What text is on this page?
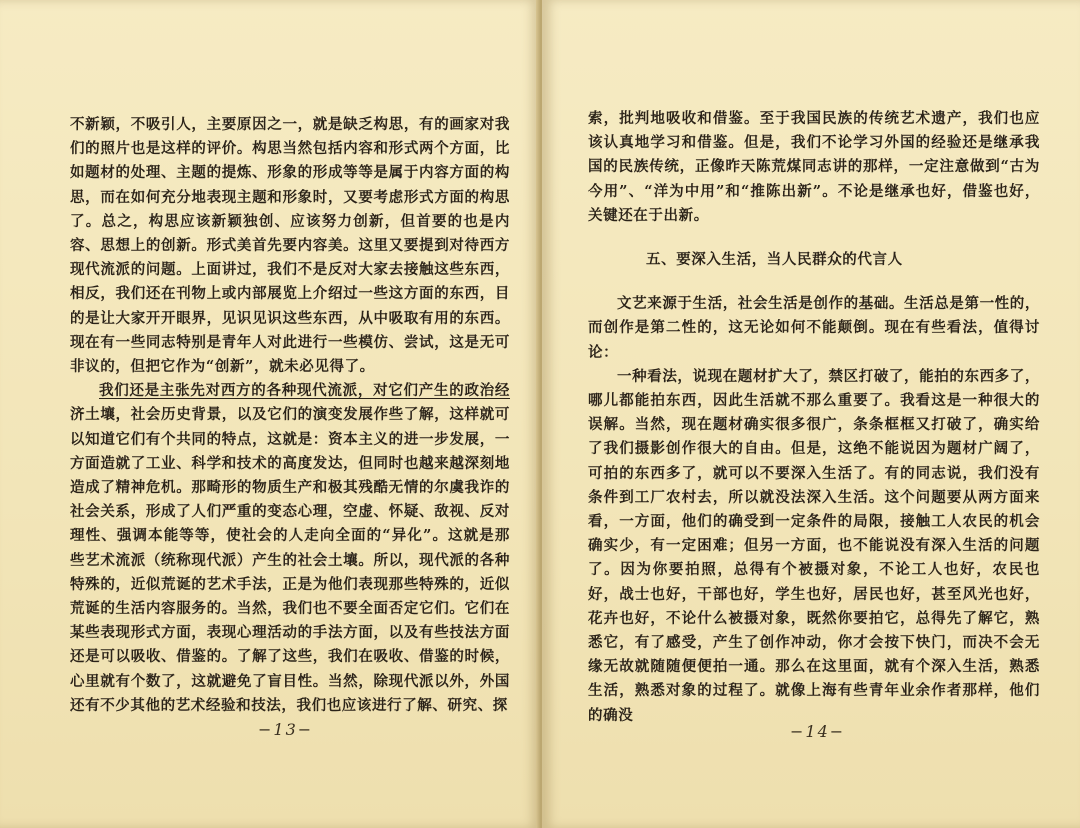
不新颖，不吸引人，主要原因之一，就是缺乏构思，有的画家对我们的照片也是这样的评价。构思当然包括内容和形式两个方面，比如题材的处理、主题的提炼、形象的形成等等是属于内容方面的构思，而在如何充分地表现主题和形象时，又要考虑形式方面的构思了。总之，构思应该新颖独创、应该努力创新，但首要的也是内容、思想上的创新。形式美首先要内容美。这里又要提到对待西方现代流派的问题。上面讲过，我们不是反对大家去接触这些东西，相反，我们还在刊物上或内部展览上介绍过一些这方面的东西，目的是让大家开开眼界，见识见识这些东西，从中吸取有用的东西。现在有一些同志特别是青年人对此进行一些模仿、尝试，这是无可非议的，但把它作为“创新”，就未必见得了。

我们还是主张先对西方的各种现代流派，对它们产生的政治经济土壤，社会历史背景，以及它们的演变发展作些了解，这样就可以知道它们有个共同的特点，这就是：资本主义的进一步发展，一方面造就了工业、科学和技术的高度发达，但同时也越来越深刻地造成了精神危机。那畸形的物质生产和极其残酷无情的尔虞我诈的社会关系，形成了人们严重的变态心理，空虚、怀疑、敌视、反对理性、强调本能等等，使社会的人走向全面的“异化”。这就是那些艺术流派（统称现代派）产生的社会土壤。所以，现代派的各种特殊的，近似荒诞的艺术手法，正是为他们表现那些特殊的，近似荒诞的生活内容服务的。当然，我们也不要全面否定它们。它们在某些表现形式方面，表现心理活动的手法方面，以及有些技法方面还是可以吸收、借鉴的。了解了这些，我们在吸收、借鉴的时候，心里就有个数了，这就避免了盲目性。当然，除现代派以外，外国还有不少其他的艺术经验和技法，我们也应该进行了解、研究、探

−13−

索，批判地吸收和借鉴。至于我国民族的传统艺术遗产，我们也应该认真地学习和借鉴。但是，我们不论学习外国的经验还是继承我国的民族传统，正像昨天陈荒煤同志讲的那样，一定注意做到“古为今用”、“洋为中用”和“推陈出新”。不论是继承也好，借鉴也好，关键还在于出新。

五、要深入生活，当人民群众的代言人

文艺来源于生活，社会生活是创作的基础。生活总是第一性的，而创作是第二性的，这无论如何不能颠倒。现在有些看法，值得讨论：

一种看法，说现在题材扩大了，禁区打破了，能拍的东西多了，哪儿都能拍东西，因此生活就不那么重要了。我看这是一种很大的误解。当然，现在题材确实很多很广，条条框框又打破了，确实给了我们摄影创作很大的自由。但是，这绝不能说因为题材广阔了，可拍的东西多了，就可以不要深入生活了。有的同志说，我们没有条件到工厂农村去，所以就没法深入生活。这个问题要从两方面来看，一方面，他们的确受到一定条件的局限，接触工人农民的机会确实少，有一定困难；但另一方面，也不能说没有深入生活的问题了。因为你要拍照，总得有个被摄对象，不论工人也好，农民也好，战士也好，干部也好，学生也好，居民也好，甚至风光也好，花卉也好，不论什么被摄对象，既然你要拍它，总得先了解它，熟悉它，有了感受，产生了创作冲动，你才会按下快门，而决不会无缘无故就随随便便拍一通。那么在这里面，就有个深入生活，熟悉生活，熟悉对象的过程了。就像上海有些青年业余作者那样，他们的确没

−14−
